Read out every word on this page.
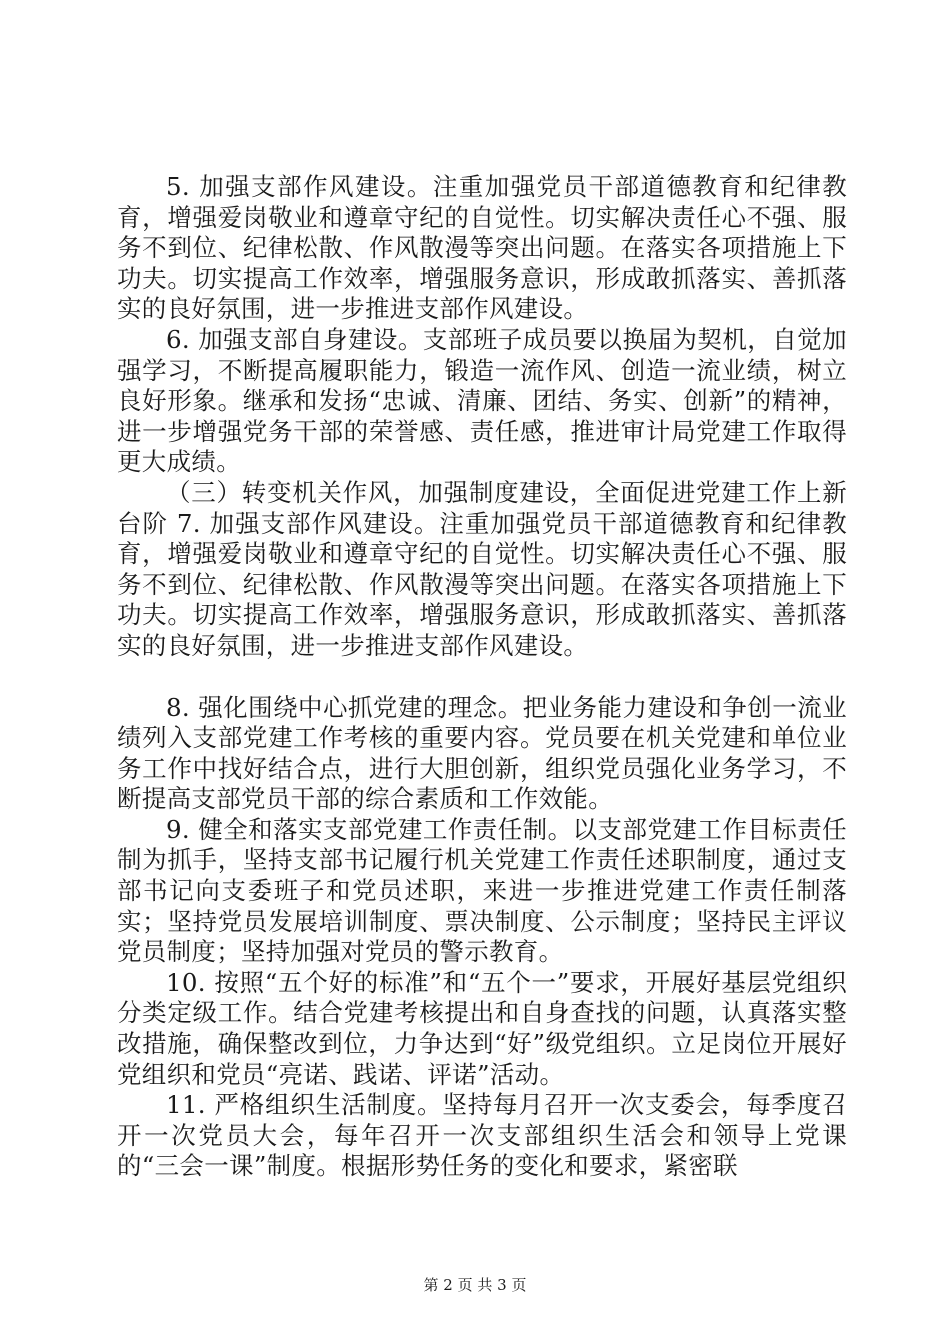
5. 加强支部作风建设。注重加强党员干部道德教育和纪律教育，增强爱岗敬业和遵章守纪的自觉性。切实解决责任心不强、服务不到位、纪律松散、作风散漫等突出问题。在落实各项措施上下功夫。切实提高工作效率，增强服务意识，形成敢抓落实、善抓落实的良好氛围，进一步推进支部作风建设。

6. 加强支部自身建设。支部班子成员要以换届为契机，自觉加强学习，不断提高履职能力，锻造一流作风、创造一流业绩，树立良好形象。继承和发扬“忠诚、清廉、团结、务实、创新”的精神，进一步增强党务干部的荣誉感、责任感，推进审计局党建工作取得更大成绩。

（三）转变机关作风，加强制度建设，全面促进党建工作上新台阶 7. 加强支部作风建设。注重加强党员干部道德教育和纪律教育，增强爱岗敬业和遵章守纪的自觉性。切实解决责任心不强、服务不到位、纪律松散、作风散漫等突出问题。在落实各项措施上下功夫。切实提高工作效率，增强服务意识，形成敢抓落实、善抓落实的良好氛围，进一步推进支部作风建设。

8. 强化围绕中心抓党建的理念。把业务能力建设和争创一流业绩列入支部党建工作考核的重要内容。党员要在机关党建和单位业务工作中找好结合点，进行大胆创新，组织党员强化业务学习，不断提高支部党员干部的综合素质和工作效能。

9. 健全和落实支部党建工作责任制。以支部党建工作目标责任制为抓手，坚持支部书记履行机关党建工作责任述职制度，通过支部书记向支委班子和党员述职，来进一步推进党建工作责任制落实；坚持党员发展培训制度、票决制度、公示制度；坚持民主评议党员制度；坚持加强对党员的警示教育。

10. 按照“五个好的标准”和“五个一”要求，开展好基层党组织分类定级工作。结合党建考核提出和自身查找的问题，认真落实整改措施，确保整改到位，力争达到“好”级党组织。立足岗位开展好党组织和党员“亮诺、践诺、评诺”活动。

11. 严格组织生活制度。坚持每月召开一次支委会，每季度召开一次党员大会，每年召开一次支部组织生活会和领导上党课的“三会一课”制度。根据形势任务的变化和要求，紧密联

第 2 页 共 3 页
